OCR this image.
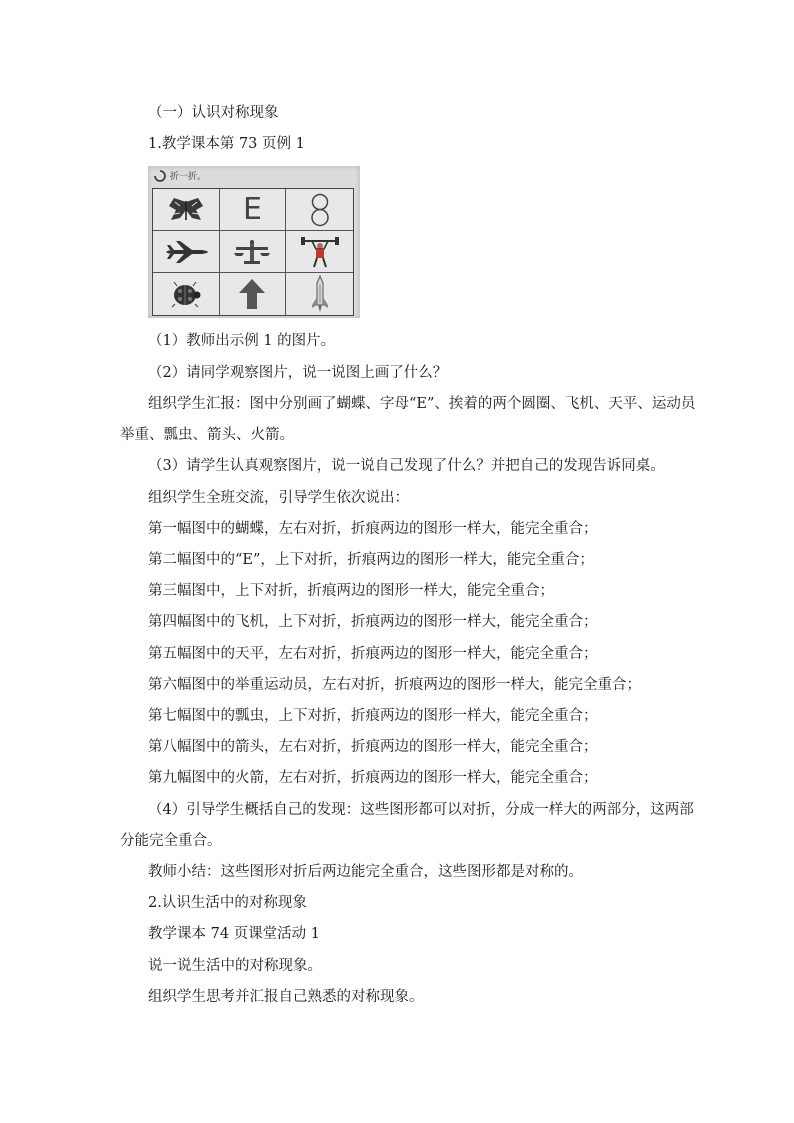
（一）认识对称现象
1.教学课本第 73 页例 1
折一折。
E
（1）教师出示例 1 的图片。
（2）请同学观察图片，说一说图上画了什么？
组织学生汇报：图中分别画了蝴蝶、字母“E”、挨着的两个圆圈、飞机、天平、运动员
举重、瓢虫、箭头、火箭。
（3）请学生认真观察图片，说一说自己发现了什么？并把自己的发现告诉同桌。
组织学生全班交流，引导学生依次说出：
第一幅图中的蝴蝶，左右对折，折痕两边的图形一样大，能完全重合；
第二幅图中的“E”，上下对折，折痕两边的图形一样大，能完全重合；
第三幅图中，上下对折，折痕两边的图形一样大，能完全重合；
第四幅图中的飞机，上下对折，折痕两边的图形一样大，能完全重合；
第五幅图中的天平，左右对折，折痕两边的图形一样大，能完全重合；
第六幅图中的举重运动员，左右对折，折痕两边的图形一样大，能完全重合；
第七幅图中的瓢虫，上下对折，折痕两边的图形一样大，能完全重合；
第八幅图中的箭头，左右对折，折痕两边的图形一样大，能完全重合；
第九幅图中的火箭，左右对折，折痕两边的图形一样大，能完全重合；
（4）引导学生概括自己的发现：这些图形都可以对折，分成一样大的两部分，这两部
分能完全重合。
教师小结：这些图形对折后两边能完全重合，这些图形都是对称的。
2.认识生活中的对称现象
教学课本 74 页课堂活动 1
说一说生活中的对称现象。
组织学生思考并汇报自己熟悉的对称现象。
